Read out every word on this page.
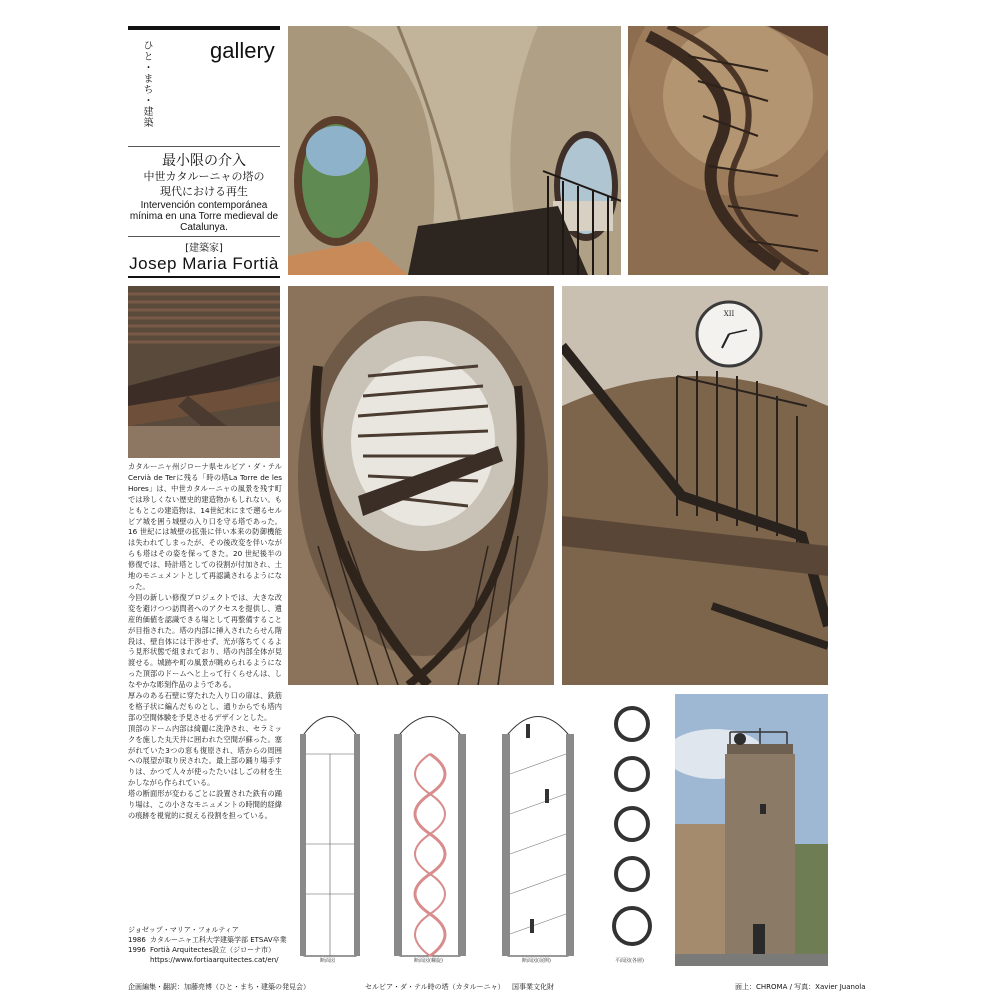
ひと・まち・建築	gallery
最小限の介入
中世カタルーニャの塔の
現代における再生
Intervención contemporánea
mínima en una Torre medieval de
Catalunya.
[建築家]
Josep Maria Fortià
XII

カタルーニャ州ジローナ県セルビア・ダ・テルCervià de Terに残る「時の塔La Torre de les Hores」は、中世カタルーニャの風景を残す町では珍しくない歴史的建造物かもしれない。もともとこの建造物は、14世紀末にまで遡るセルビア城を囲う城壁の入り口を守る塔であった。16 世紀には城壁の拡張に伴い本来の防御機能は失われてしまったが、その後改変を伴いながらも塔はその姿を保ってきた。20 世紀後半の修復では、時計塔としての役割が付加され、土地のモニュメントとして再認識されるようになった。

今回の新しい修復プロジェクトでは、大きな改変を避けつつ訪問者へのアクセスを提供し、遺産的価値を認識できる場として再整備することが目指された。塔の内部に挿入されたらせん階段は、壁自体には干渉せず、光が落ちてくるよう見形状態で組まれており、塔の内部全体が見渡せる。城跡や町の風景が眺められるようになった頂部のドームへと上って行くらせんは、しなやかな彫刻作品のようである。

厚みのある石壁に穿たれた入り口の扉は、鉄筋を格子状に編んだものとし、通りからでも塔内部の空間体験を予見させるデザインとした。

頂部のドーム内部は綺麗に洗浄され、セラミックを施した丸天井に囲われた空間が蘇った。塞がれていた3つの窓も復原され、塔からの周囲への展望が取り戻された。最上部の踊り場手すりは、かつて人々が使ったたいはしごの材を生かしながら作られている。

塔の断面形が変わるごとに設置された鉄有の踊り場は、この小さなモニュメントの時間的経緯の痕跡を視覚的に捉える役割を担っている。

断面図	断面図(螺旋)	断面図(展開)	平面図(各層)
ジョゼップ・マリア・フォルティア
1986 カタルーニャ工科大学建築学部 ETSAV卒業
1996 Fortià Arquitectes設立（ジローナ市） https://www.fortiaarquitectes.cat/en/
企画編集・翻訳：加藤亮博（ひと・まち・建築の発見会）	セルビア・ダ・テル時の塔（カタルーニャ） 国事業文化財	面上：CHROMA / 写真：Xavier Juanola
